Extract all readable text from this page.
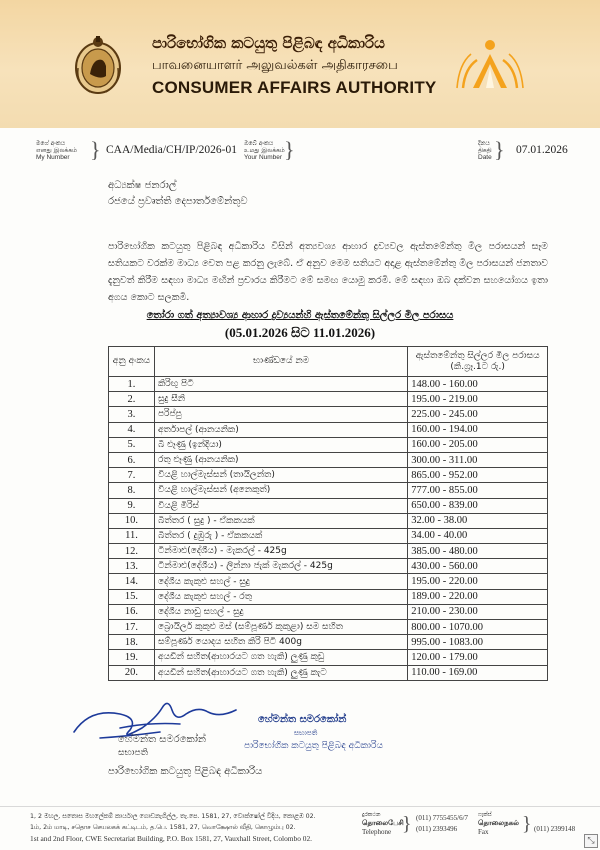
පාරිභෝගික කටයුතු පිළිබඳ අධිකාරිය
பாவனையாளர் அலுவல்கள் அதிகாரசபை
CONSUMER AFFAIRS AUTHORITY
මගේ අංකය
எனது இலக்கம்
My Number } CAA/Media/CH/IP/2026-01
ඔබේ අංකය
உமது இலக்கம்
Your Number }	දිනය
திகதி
Date } 07.01.2026
අධ්‍යක්ෂ ජනරාල්
රජයේ ප්‍රවෘත්ති දෙපාර්තමේන්තුව
පාරිභෝගික කටයුතු පිළිබඳ අධිකාරිය විසින් අත්‍යවශ්‍ය ආහාර ද්‍රව්‍යවල ඇස්තමේන්තු මිල පරාසයන් සෑම සතියකට වරක්ම මාධ්‍ය වෙත පළ කරනු ලැබේ. ඒ අනුව මෙම සතියට අදාළ ඇස්තමේන්තු මිල පරාසයන් ජනතාව දැනුවත් කිරීම සඳහා මාධ්‍ය මඟින් ප්‍රචාරය කිරීමට මේ සමඟ යොමු කරමි. මේ සඳහා ඔබ දක්වන සහයෝගය ඉතා අගය කොට සලකමි.
තෝරා ගත් අත්‍යාවශ්‍ය ආහාර ද්‍රව්‍යයන්හි ඇස්තමේන්තු සිල්ලර මිල පරාසය
(05.01.2026 සිට 11.01.2026)
අනු අංකය	භාණ්ඩයේ නම	ඇස්තමේන්තු සිල්ලර මිල පරාසය (කි.ග්‍රෑ.1ට රු.)
1.	කිරිඟු පිටි	148.00 - 160.00
2.	සුදු සීනි	195.00 - 219.00
3.	පරිප්පු	225.00 - 245.00
4.	අර්තාපල් (ආනයනික)	160.00 - 194.00
5.	බී ළූණු (ඉන්දියා)	160.00 - 205.00
6.	රතු ළූණු (ආනයනික)	300.00 - 311.00
7.	වියළි හාල්මැස්සන් (තායිලන්ත)	865.00 - 952.00
8.	වියළි හාල්මැස්සන් (අනෙකුත්)	777.00 - 855.00
9.	වියළි මිරිස්	650.00 - 839.00
10.	බිත්තර ( සුදු ) - ඒකකයක්	32.00 - 38.00
11.	බිත්තර ( දුඹුරු ) - ඒකකයක්	34.00 - 40.00
12.	ටින්මාළු(දේශීය) - මැකරල් - 425g	385.00 - 480.00
13.	ටින්මාළු(දේශීය) - ලින්නා ජැක් මැකරල් - 425g	430.00 - 560.00
14.	දේශීය කැකුළු සහල් - සුදු	195.00 - 220.00
15.	දේශීය කැකුළු සහල් - රතු	189.00 - 220.00
16.	දේශීය නාඩු සහල් - සුදු	210.00 - 230.00
17.	බ්‍රොයිලර් කුකුළු මස් (සම්පූර්ණ කුකුළා) සම සහිත	800.00 - 1070.00
18.	සම්පූර්ණ යොදය සහිත කිරි පිටි 400g	995.00 - 1083.00
19.	අයඩින් සහිත(ආහාරයට ගත හැකි) ලුණු කුඩු	120.00 - 179.00
20.	අයඩින් සහිත(ආහාරයට ගත හැකි) ලුණු කැට	110.00 - 169.00
හේමන්ත සමරකෝන්
සභාපති
පාරිභෝගික කටයුතු පිළිබඳ අධිකාරිය
හේමන්ත සමරකෝන්
සභාපති
පාරිභෝගික කටයුතු පිළිබඳ අධිකාරිය
1, 2 මහල, සතොස මහලේකම් කාර්යාල ගොඩනැගිල්ල, තැ.පෙ. 1581, 27, වොක්ෂෝල් වීදිය, කොළඹ 02.
1ம், 2ம் மாடி, சதொச செயலகக் கட்டிடம், த.பெ. 1581, 27, வொக்ஷோல் வீதி, கொழும்பு 02.
1st and 2nd Floor, CWE Secretariat Building, P.O. Box 1581, 27, Vauxhall Street, Colombo 02.
දුරකථන
தொலைபேசி
Telephone } (011) 7755455/6/7
(011) 2393496
ෆැක්ස්
தொலைநகல்
Fax	} (011) 2399148
⤡
